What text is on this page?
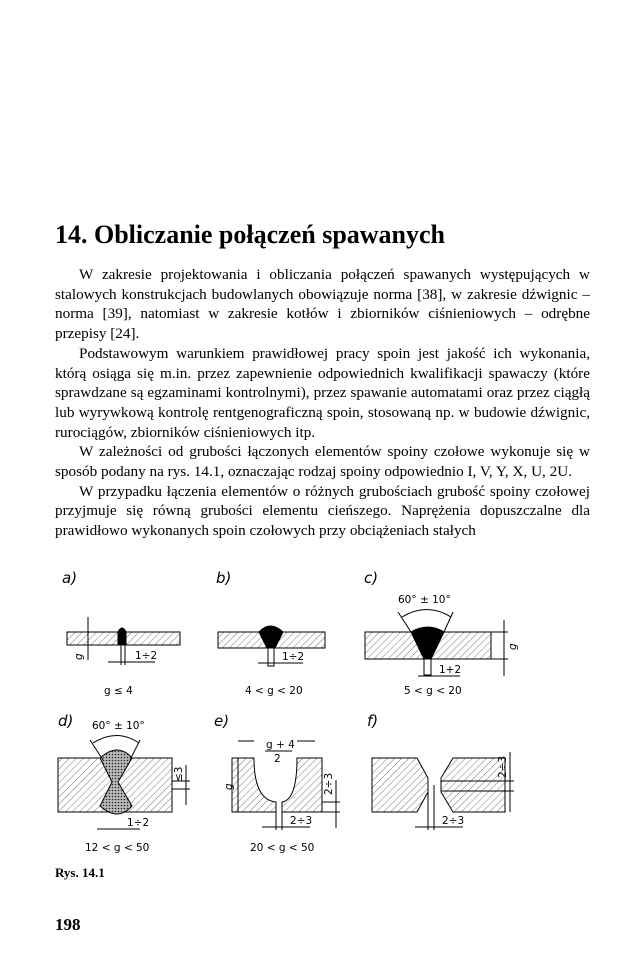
14. Obliczanie połączeń spawanych

W zakresie projektowania i obliczania połączeń spawanych występujących w stalowych konstrukcjach budowlanych obowiązuje norma [38], w zakresie dźwignic – norma [39], natomiast w zakresie kotłów i zbiorników ciśnieniowych – odrębne przepisy [24].

Podstawowym warunkiem prawidłowej pracy spoin jest jakość ich wykonania, którą osiąga się m.in. przez zapewnienie odpowiednich kwalifikacji spawaczy (które sprawdzane są egzaminami kontrolnymi), przez spawanie automatami oraz przez ciągłą lub wyrywkową kontrolę rentgenograficzną spoin, stosowaną np. w budowie dźwignic, rurociągów, zbiorników ciśnieniowych itp.

W zależności od grubości łączonych elementów spoiny czołowe wykonuje się w sposób podany na rys. 14.1, oznaczając rodzaj spoiny odpowiednio I, V, Y, X, U, 2U.

W przypadku łączenia elementów o różnych grubościach grubość spoiny czołowej przyjmuje się równą grubości elementu cieńszego. Naprężenia dopuszczalne dla prawidłowo wykonanych spoin czołowych przy obciążeniach stałych

a)	b)	c)
d)	e)	f)
g ≤ 4	4 < g < 20	5 < g < 20
12 < g < 50	20 < g < 50
1÷2	1÷2
1+2
1÷2	2÷3	2÷3
60° ± 10°
60° ± 10°
g
g
g
≤3	2÷3
2÷3
g + 4
2
Rys. 14.1
198
